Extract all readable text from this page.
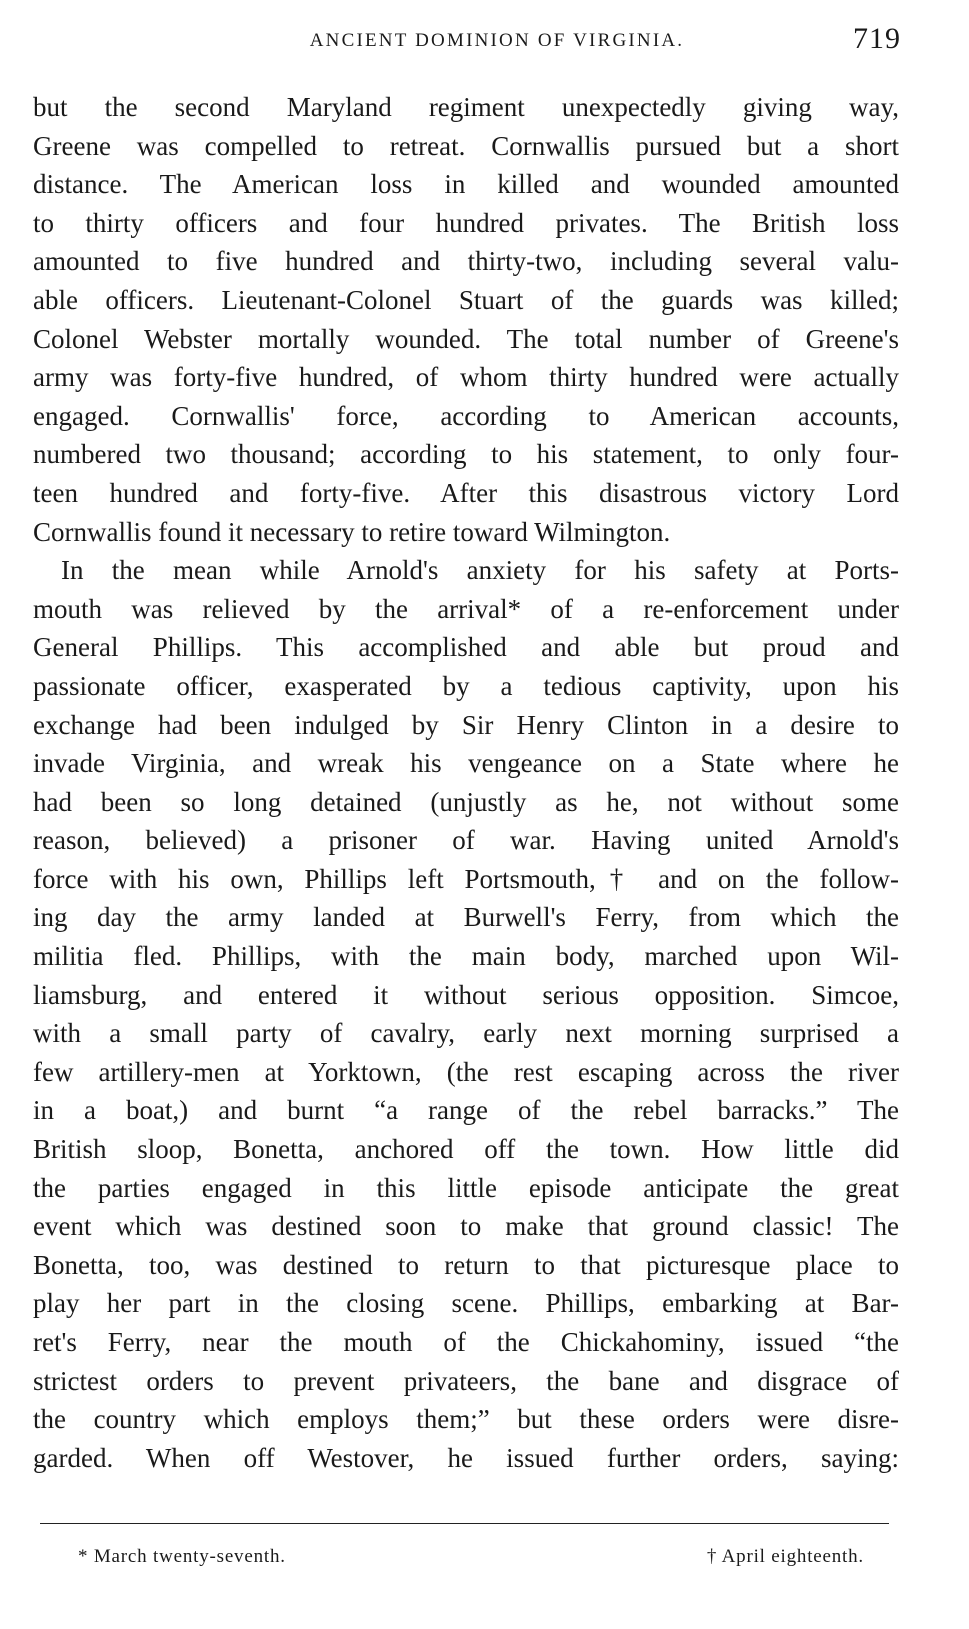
ANCIENT DOMINION OF VIRGINIA.	719
but the second Maryland regiment unexpectedly giving way,
Greene was compelled to retreat. Cornwallis pursued but a short
distance. The American loss in killed and wounded amounted
to thirty officers and four hundred privates. The British loss
amounted to five hundred and thirty-two, including several valu-
able officers. Lieutenant-Colonel Stuart of the guards was killed;
Colonel Webster mortally wounded. The total number of Greene's
army was forty-five hundred, of whom thirty hundred were actually
engaged. Cornwallis' force, according to American accounts,
numbered two thousand; according to his statement, to only four-
teen hundred and forty-five. After this disastrous victory Lord
Cornwallis found it necessary to retire toward Wilmington.
In the mean while Arnold's anxiety for his safety at Ports-
mouth was relieved by the arrival* of a re-enforcement under
General Phillips. This accomplished and able but proud and
passionate officer, exasperated by a tedious captivity, upon his
exchange had been indulged by Sir Henry Clinton in a desire to
invade Virginia, and wreak his vengeance on a State where he
had been so long detained (unjustly as he, not without some
reason, believed) a prisoner of war. Having united Arnold's
force with his own, Phillips left Portsmouth,† and on the follow-
ing day the army landed at Burwell's Ferry, from which the
militia fled. Phillips, with the main body, marched upon Wil-
liamsburg, and entered it without serious opposition. Simcoe,
with a small party of cavalry, early next morning surprised a
few artillery-men at Yorktown, (the rest escaping across the river
in a boat,) and burnt “a range of the rebel barracks.” The
British sloop, Bonetta, anchored off the town. How little did
the parties engaged in this little episode anticipate the great
event which was destined soon to make that ground classic! The
Bonetta, too, was destined to return to that picturesque place to
play her part in the closing scene. Phillips, embarking at Bar-
ret's Ferry, near the mouth of the Chickahominy, issued “the
strictest orders to prevent privateers, the bane and disgrace of
the country which employs them;” but these orders were disre-
garded. When off Westover, he issued further orders, saying:
* March twenty-seventh.	† April eighteenth.
